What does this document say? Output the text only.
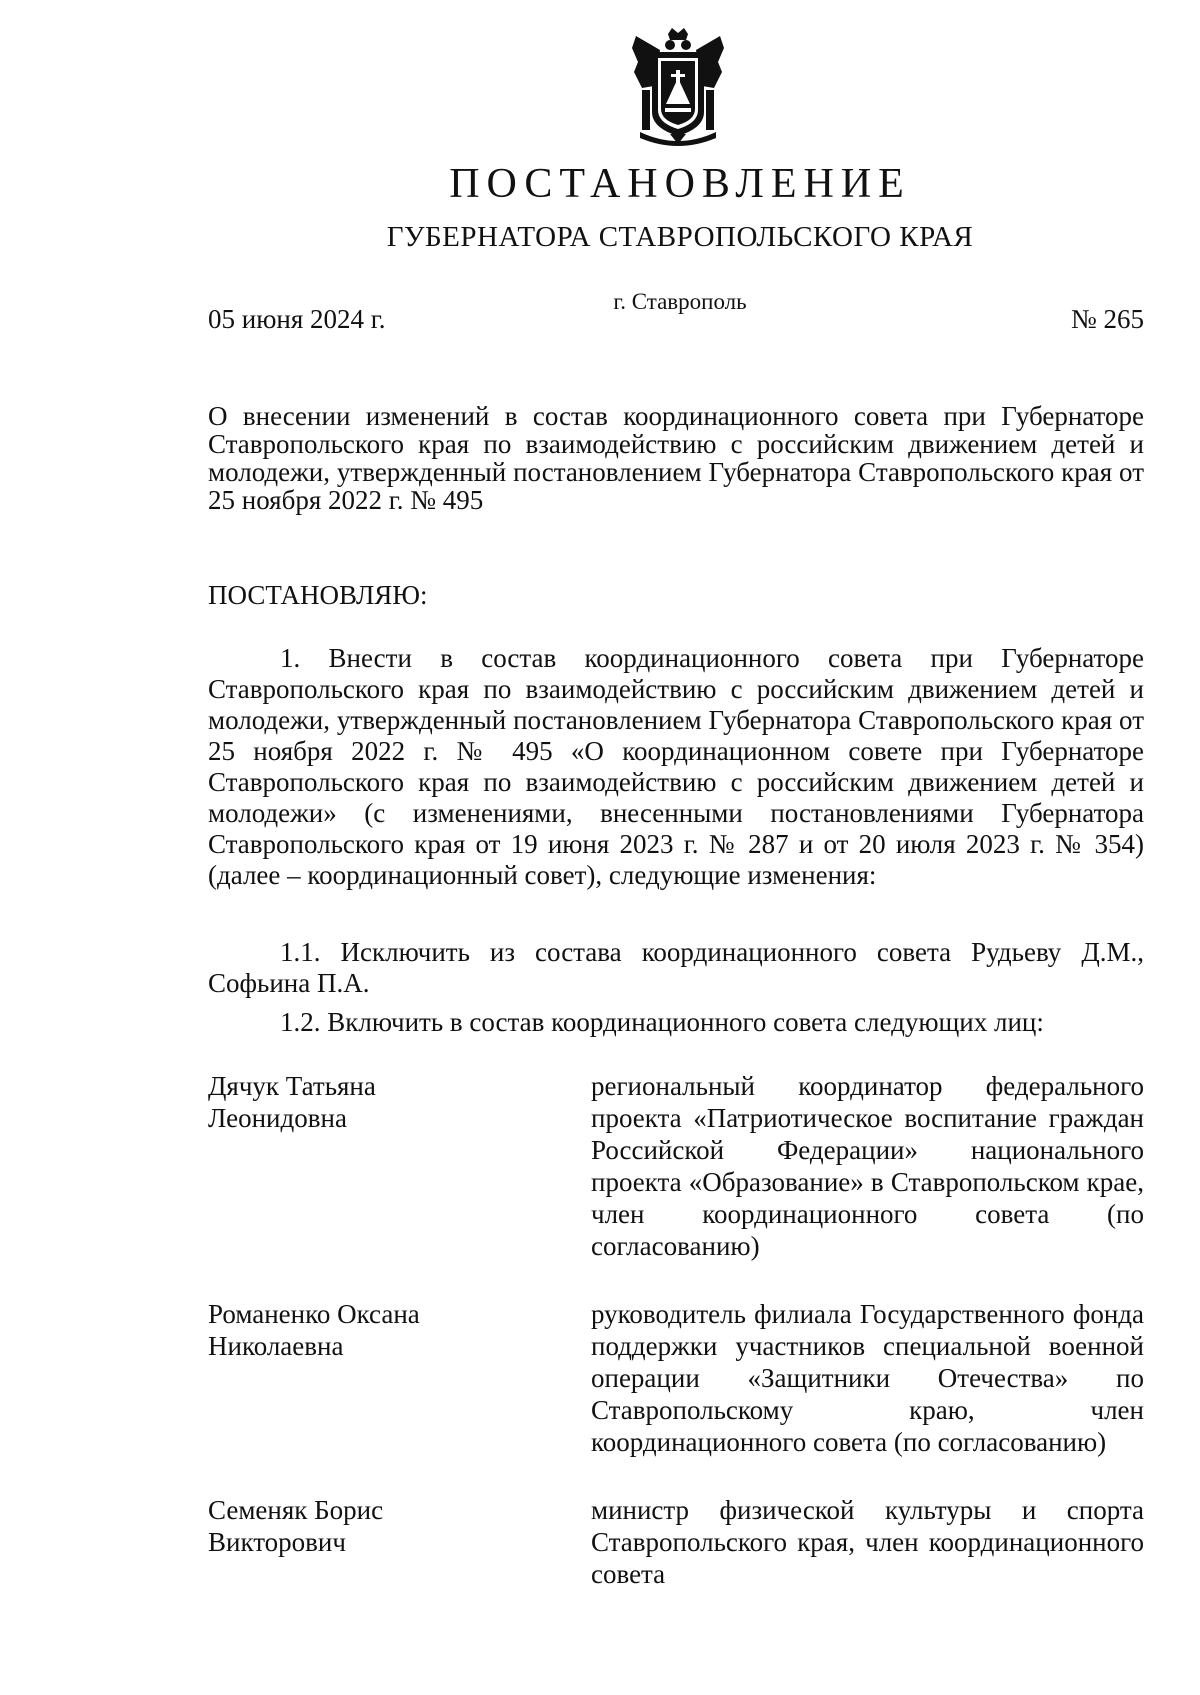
ПОСТАНОВЛЕНИЕ
ГУБЕРНАТОРА СТАВРОПОЛЬСКОГО КРАЯ
05 июня 2024 г.
г. Ставрополь
№ 265
О внесении изменений в состав координационного совета при Губернаторе Ставропольского края по взаимодействию с российским движением детей и молодежи, утвержденный постановлением Губернатора Ставропольского края от 25 ноября 2022 г. № 495
ПОСТАНОВЛЯЮ:

1. Внести в состав координационного совета при Губернаторе Ставропольского края по взаимодействию с российским движением детей и молодежи, утвержденный постановлением Губернатора Ставропольского края от 25 ноября 2022 г. № 495 «О координационном совете при Губернаторе Ставропольского края по взаимодействию с российским движением детей и молодежи» (с изменениями, внесенными постановлениями Губернатора Ставропольского края от 19 июня 2023 г. № 287 и от 20 июля 2023 г. № 354) (далее – координационный совет), следующие изменения:

1.1. Исключить из состава координационного совета Рудьеву Д.М., Софьина П.А.

1.2. Включить в состав координационного совета следующих лиц:

Дячук Татьяна
Леонидовна
региональный координатор федерального проекта «Патриотическое воспитание граждан Российской Федерации» национального проекта «Образование» в Ставропольском крае, член координационного совета (по согласованию)
Романенко Оксана
Николаевна
руководитель филиала Государственного фонда поддержки участников специальной военной операции «Защитники Отечества» по Ставропольскому краю, член координационного совета (по согласованию)
Семеняк Борис
Викторович
министр физической культуры и спорта Ставропольского края, член координационного совета
